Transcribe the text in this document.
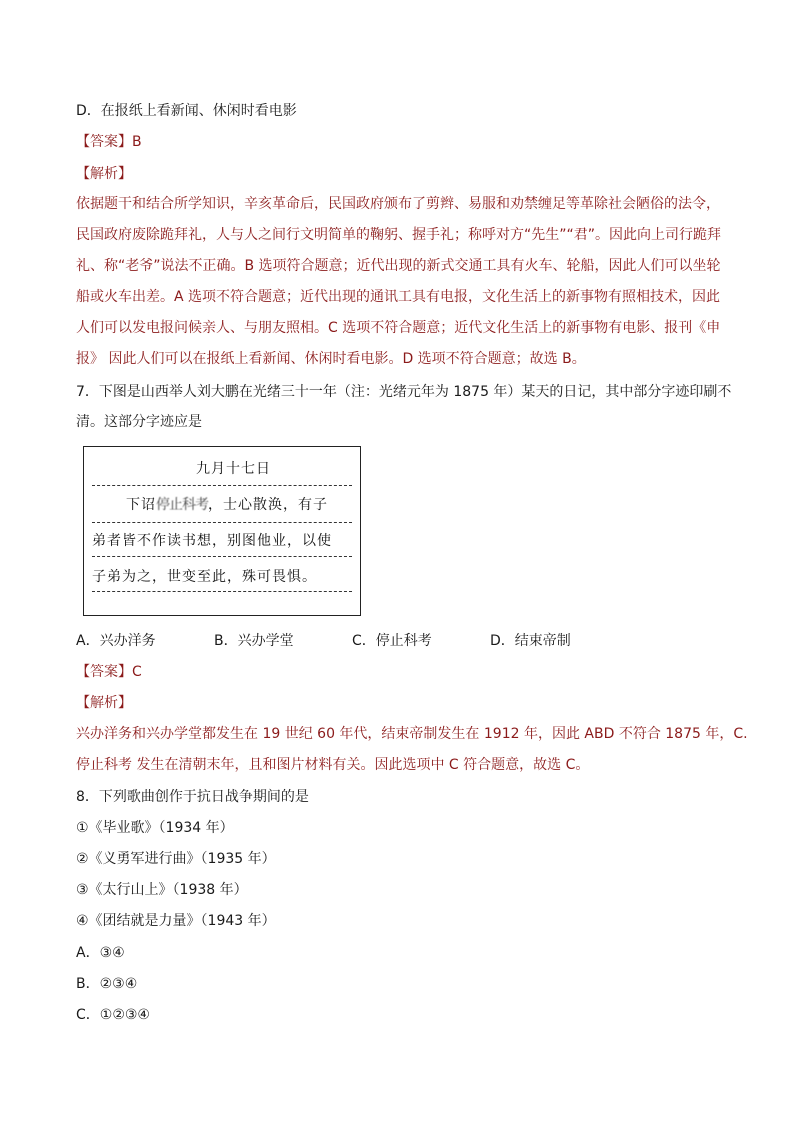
D．在报纸上看新闻、休闲时看电影
【答案】B
【解析】

依据题干和结合所学知识，辛亥革命后，民国政府颁布了剪辫、易服和劝禁缠足等革除社会陋俗的法令，

民国政府废除跪拜礼，人与人之间行文明简单的鞠躬、握手礼；称呼对方“先生”“君”。因此向上司行跪拜

礼、称“老爷”说法不正确。B 选项符合题意；近代出现的新式交通工具有火车、轮船，因此人们可以坐轮

船或火车出差。A 选项不符合题意；近代出现的通讯工具有电报，文化生活上的新事物有照相技术，因此

人们可以发电报问候亲人、与朋友照相。C 选项不符合题意；近代文化生活上的新事物有电影、报刊《申

报》 因此人们可以在报纸上看新闻、休闲时看电影。D 选项不符合题意；故选 B。

7．下图是山西举人刘大鹏在光绪三十一年（注：光绪元年为 1875 年）某天的日记，其中部分字迹印刷不
清。这部分字迹应是
九月十七日
下诏停止科考，士心散涣，有子
弟者皆不作读书想，别图他业，以使
子弟为之，世变至此，殊可畏惧。
A．兴办洋务	B．兴办学堂	C．停止科考	D．结束帝制
【答案】C
【解析】

兴办洋务和兴办学堂都发生在 19 世纪 60 年代，结束帝制发生在 1912 年，因此 ABD 不符合 1875 年，C.

停止科考 发生在清朝末年，且和图片材料有关。因此选项中 C 符合题意，故选 C。

8．下列歌曲创作于抗日战争期间的是
①《毕业歌》（1934 年）
②《义勇军进行曲》（1935 年）
③《太行山上》（1938 年）
④《团结就是力量》（1943 年）
A．③④
B．②③④
C．①②③④
